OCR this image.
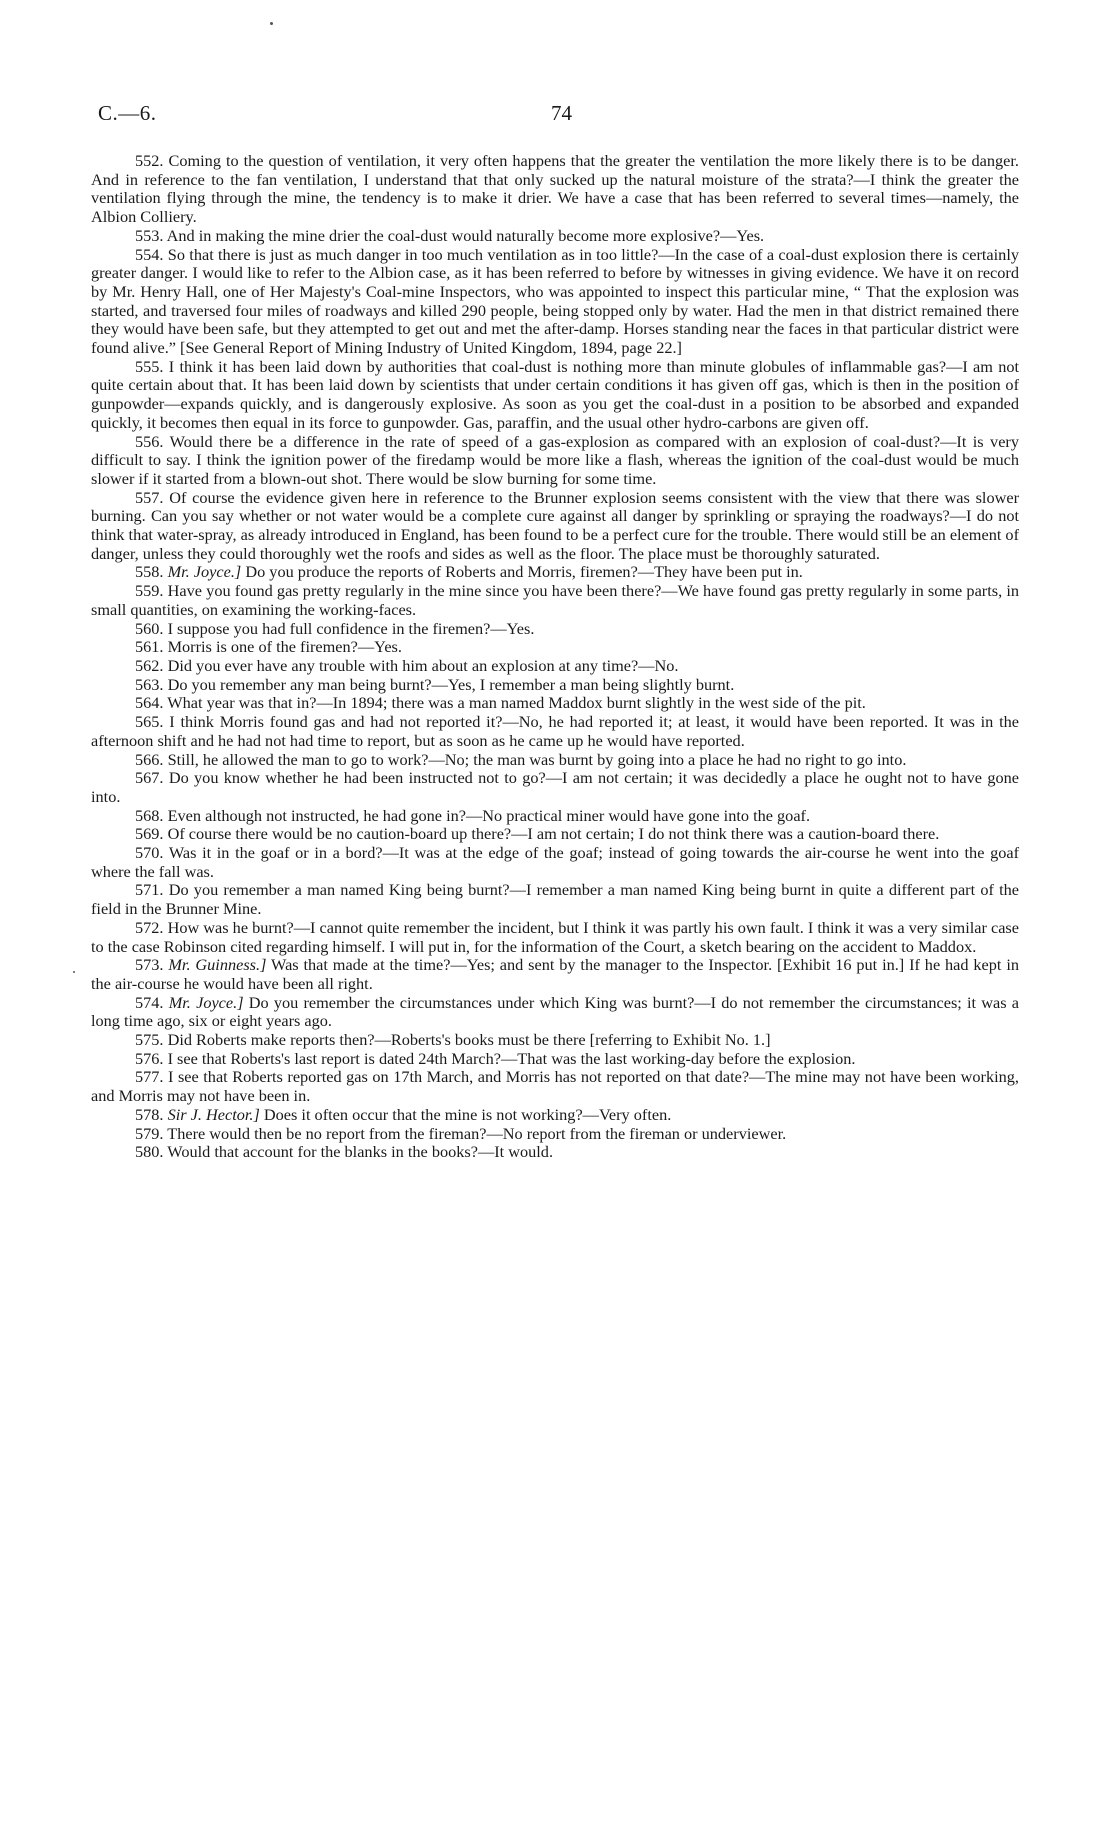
C.—6.	74

552. Coming to the question of ventilation, it very often happens that the greater the ventilation the more likely there is to be danger. And in reference to the fan ventilation, I understand that that only sucked up the natural moisture of the strata?—I think the greater the ventilation flying through the mine, the tendency is to make it drier. We have a case that has been referred to several times—namely, the Albion Colliery.

553. And in making the mine drier the coal-dust would naturally become more explosive?—Yes.

554. So that there is just as much danger in too much ventilation as in too little?—In the case of a coal-dust explosion there is certainly greater danger. I would like to refer to the Albion case, as it has been referred to before by witnesses in giving evidence. We have it on record by Mr. Henry Hall, one of Her Majesty's Coal-mine Inspectors, who was appointed to inspect this particular mine, “ That the explosion was started, and traversed four miles of roadways and killed 290 people, being stopped only by water. Had the men in that district remained there they would have been safe, but they attempted to get out and met the after-damp. Horses standing near the faces in that particular district were found alive.” [See General Report of Mining Industry of United Kingdom, 1894, page 22.]

555. I think it has been laid down by authorities that coal-dust is nothing more than minute globules of inflammable gas?—I am not quite certain about that. It has been laid down by scientists that under certain conditions it has given off gas, which is then in the position of gunpowder—expands quickly, and is dangerously explosive. As soon as you get the coal-dust in a position to be absorbed and expanded quickly, it becomes then equal in its force to gunpowder. Gas, paraffin, and the usual other hydro-carbons are given off.

556. Would there be a difference in the rate of speed of a gas-explosion as compared with an explosion of coal-dust?—It is very difficult to say. I think the ignition power of the firedamp would be more like a flash, whereas the ignition of the coal-dust would be much slower if it started from a blown-out shot. There would be slow burning for some time.

557. Of course the evidence given here in reference to the Brunner explosion seems consistent with the view that there was slower burning. Can you say whether or not water would be a complete cure against all danger by sprinkling or spraying the roadways?—I do not think that water-spray, as already introduced in England, has been found to be a perfect cure for the trouble. There would still be an element of danger, unless they could thoroughly wet the roofs and sides as well as the floor. The place must be thoroughly saturated.

558. Mr. Joyce.] Do you produce the reports of Roberts and Morris, firemen?—They have been put in.

559. Have you found gas pretty regularly in the mine since you have been there?—We have found gas pretty regularly in some parts, in small quantities, on examining the working-faces.

560. I suppose you had full confidence in the firemen?—Yes.

561. Morris is one of the firemen?—Yes.

562. Did you ever have any trouble with him about an explosion at any time?—No.

563. Do you remember any man being burnt?—Yes, I remember a man being slightly burnt.

564. What year was that in?—In 1894; there was a man named Maddox burnt slightly in the west side of the pit.

565. I think Morris found gas and had not reported it?—No, he had reported it; at least, it would have been reported. It was in the afternoon shift and he had not had time to report, but as soon as he came up he would have reported.

566. Still, he allowed the man to go to work?—No; the man was burnt by going into a place he had no right to go into.

567. Do you know whether he had been instructed not to go?—I am not certain; it was decidedly a place he ought not to have gone into.

568. Even although not instructed, he had gone in?—No practical miner would have gone into the goaf.

569. Of course there would be no caution-board up there?—I am not certain; I do not think there was a caution-board there.

570. Was it in the goaf or in a bord?—It was at the edge of the goaf; instead of going towards the air-course he went into the goaf where the fall was.

571. Do you remember a man named King being burnt?—I remember a man named King being burnt in quite a different part of the field in the Brunner Mine.

572. How was he burnt?—I cannot quite remember the incident, but I think it was partly his own fault. I think it was a very similar case to the case Robinson cited regarding himself. I will put in, for the information of the Court, a sketch bearing on the accident to Maddox.

573. Mr. Guinness.] Was that made at the time?—Yes; and sent by the manager to the Inspector. [Exhibit 16 put in.] If he had kept in the air-course he would have been all right.

574. Mr. Joyce.] Do you remember the circumstances under which King was burnt?—I do not remember the circumstances; it was a long time ago, six or eight years ago.

575. Did Roberts make reports then?—Roberts's books must be there [referring to Exhibit No. 1.]

576. I see that Roberts's last report is dated 24th March?—That was the last working-day before the explosion.

577. I see that Roberts reported gas on 17th March, and Morris has not reported on that date?—The mine may not have been working, and Morris may not have been in.

578. Sir J. Hector.] Does it often occur that the mine is not working?—Very often.

579. There would then be no report from the fireman?—No report from the fireman or underviewer.

580. Would that account for the blanks in the books?—It would.
